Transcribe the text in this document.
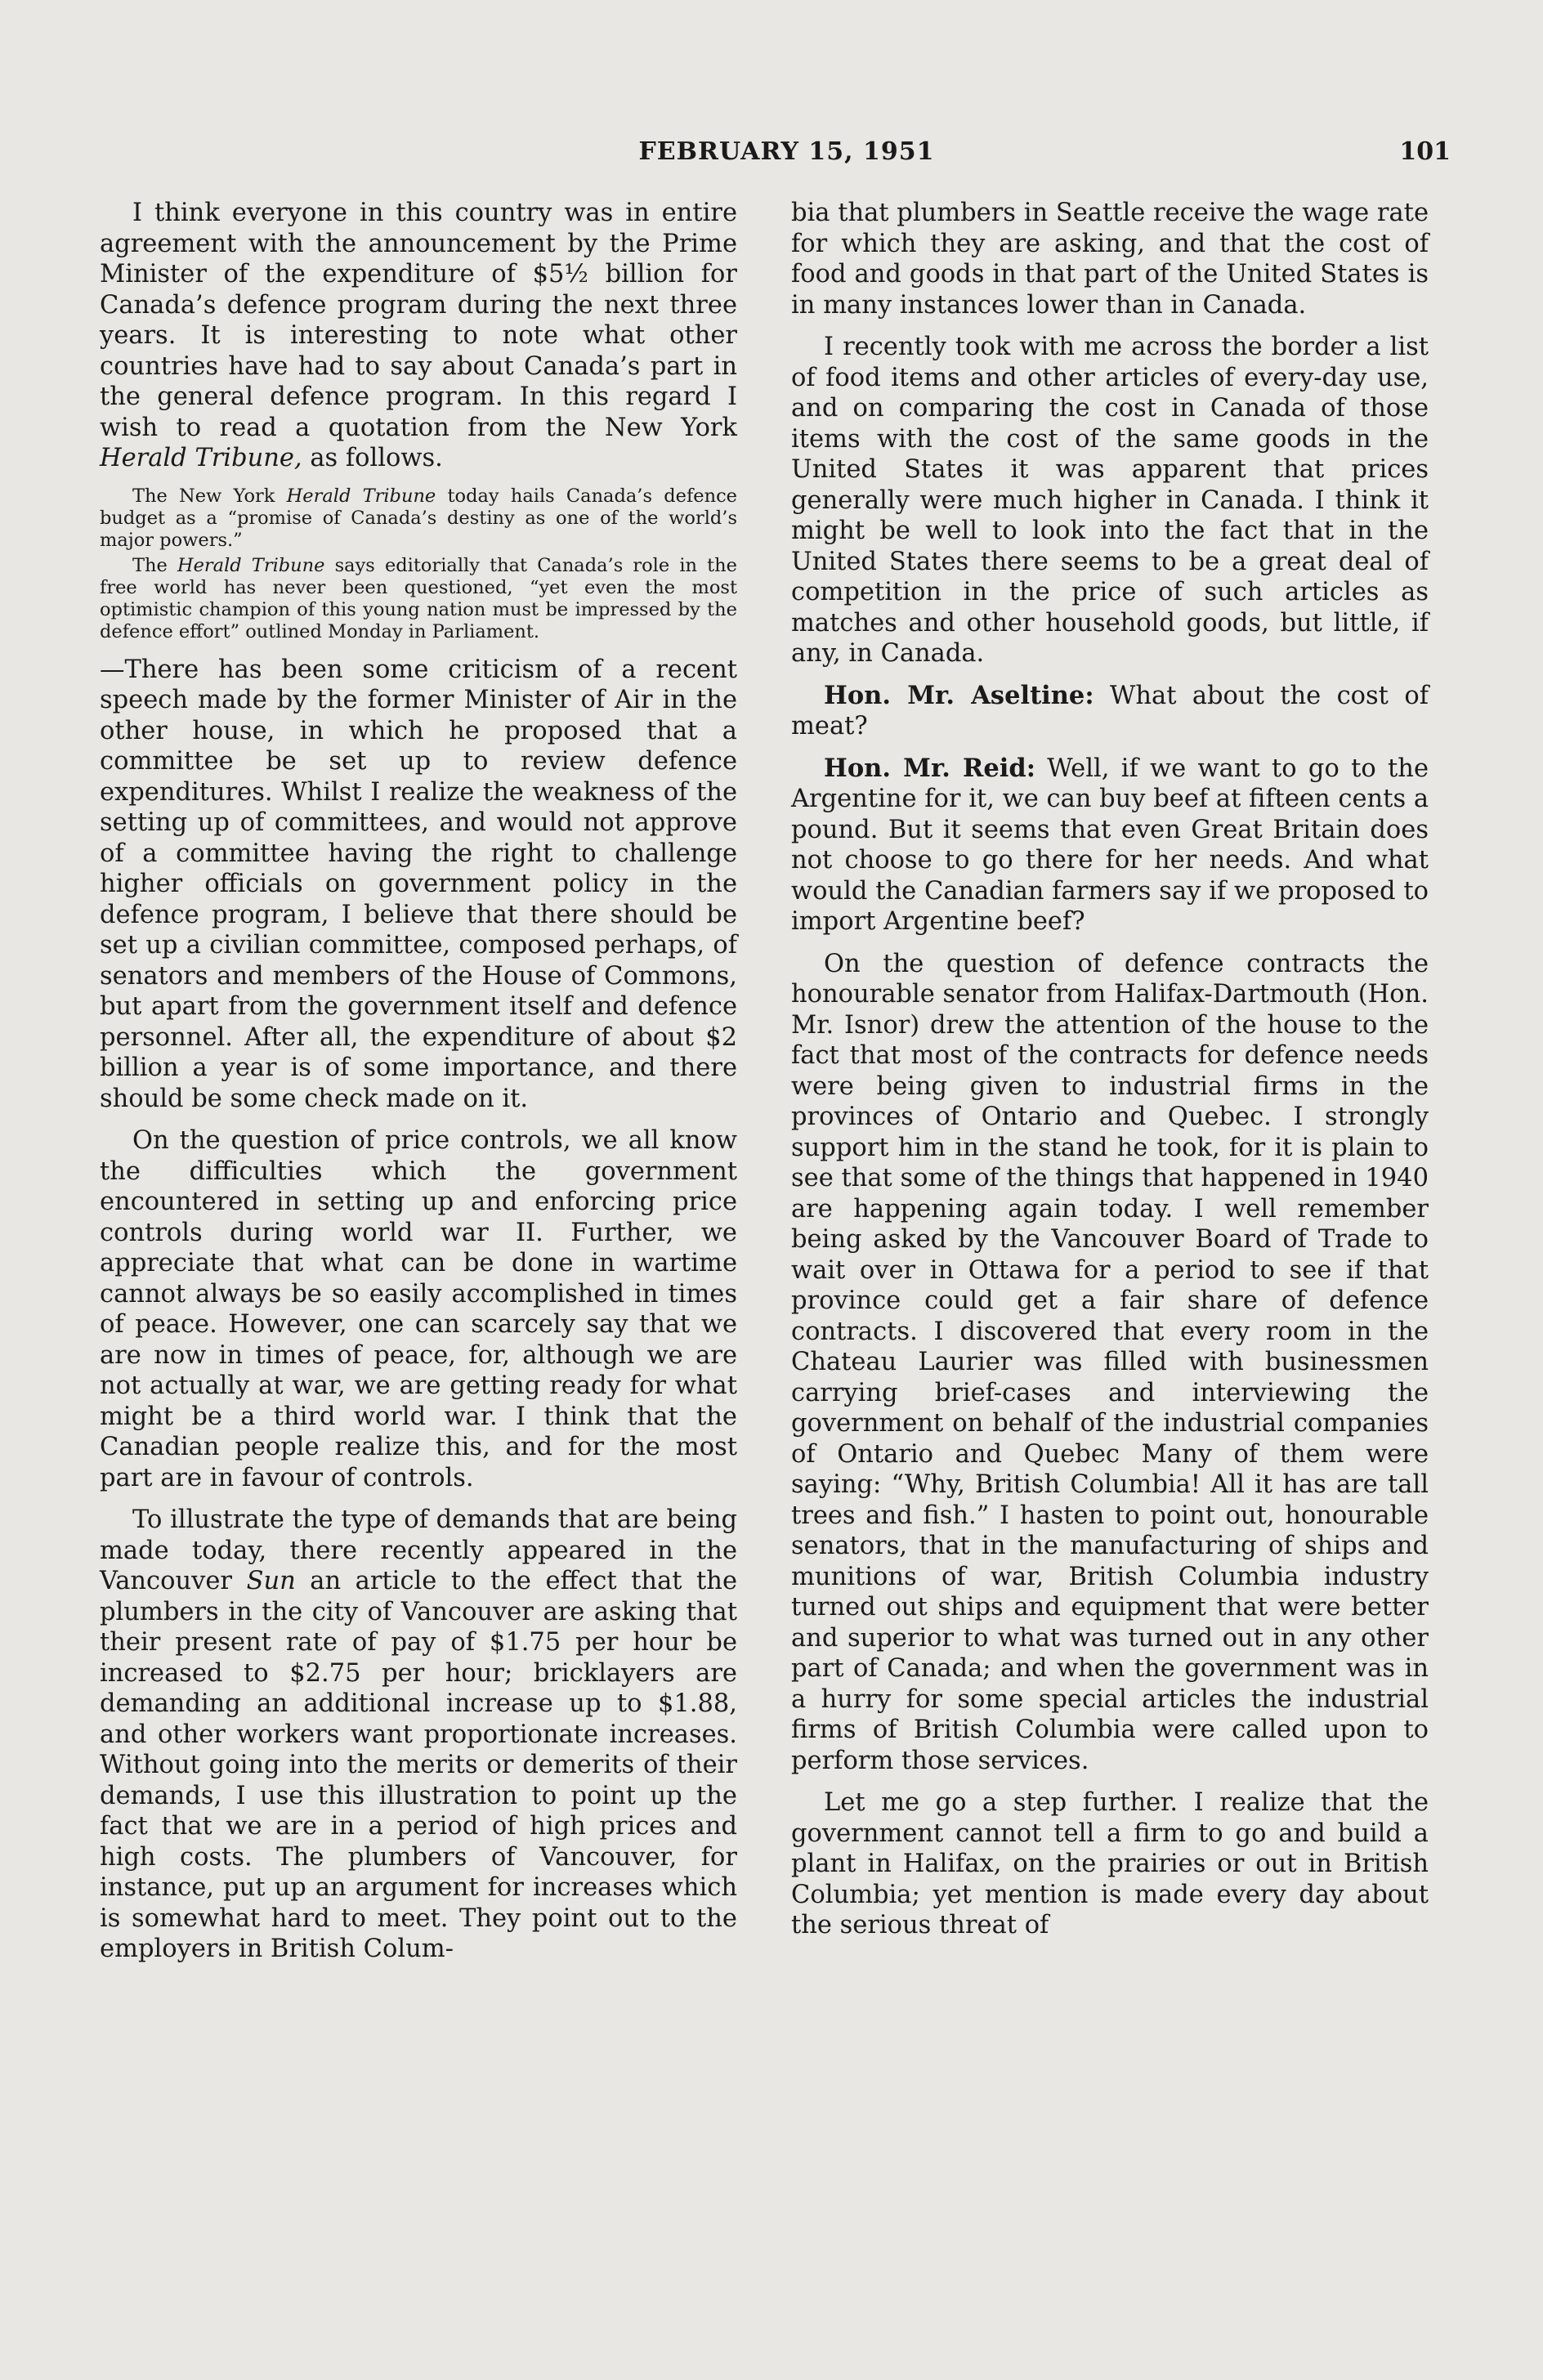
FEBRUARY 15, 1951	101

I think everyone in this country was in entire agreement with the announcement by the Prime Minister of the expenditure of $5½ billion for Canada’s defence program during the next three years. It is interesting to note what other countries have had to say about Canada’s part in the general defence program. In this regard I wish to read a quotation from the New York Herald Tribune, as follows.

The New York Herald Tribune today hails Canada’s defence budget as a “promise of Canada’s destiny as one of the world’s major powers.”

The Herald Tribune says editorially that Canada’s role in the free world has never been questioned, “yet even the most optimistic champion of this young nation must be impressed by the defence effort” outlined Monday in Parliament.

—There has been some criticism of a recent speech made by the former Minister of Air in the other house, in which he proposed that a committee be set up to review defence expenditures. Whilst I realize the weakness of the setting up of committees, and would not approve of a committee having the right to challenge higher officials on government policy in the defence program, I believe that there should be set up a civilian committee, composed perhaps, of senators and members of the House of Commons, but apart from the government itself and defence personnel. After all, the expenditure of about $2 billion a year is of some importance, and there should be some check made on it.

On the question of price controls, we all know the difficulties which the government encountered in setting up and enforcing price controls during world war II. Further, we appreciate that what can be done in wartime cannot always be so easily accomplished in times of peace. However, one can scarcely say that we are now in times of peace, for, although we are not actually at war, we are getting ready for what might be a third world war. I think that the Canadian people realize this, and for the most part are in favour of controls.

To illustrate the type of demands that are being made today, there recently appeared in the Vancouver Sun an article to the effect that the plumbers in the city of Vancouver are asking that their present rate of pay of $1.75 per hour be increased to $2.75 per hour; bricklayers are demanding an additional increase up to $1.88, and other workers want proportionate increases. Without going into the merits or demerits of their demands, I use this illustration to point up the fact that we are in a period of high prices and high costs. The plumbers of Vancouver, for instance, put up an argument for increases which is somewhat hard to meet. They point out to the employers in British Colum-

bia that plumbers in Seattle receive the wage rate for which they are asking, and that the cost of food and goods in that part of the United States is in many instances lower than in Canada.

I recently took with me across the border a list of food items and other articles of every-day use, and on comparing the cost in Canada of those items with the cost of the same goods in the United States it was apparent that prices generally were much higher in Canada. I think it might be well to look into the fact that in the United States there seems to be a great deal of competition in the price of such articles as matches and other household goods, but little, if any, in Canada.

Hon. Mr. Aseltine: What about the cost of meat?

Hon. Mr. Reid: Well, if we want to go to the Argentine for it, we can buy beef at fifteen cents a pound. But it seems that even Great Britain does not choose to go there for her needs. And what would the Canadian farmers say if we proposed to import Argentine beef?

On the question of defence contracts the honourable senator from Halifax-Dartmouth (Hon. Mr. Isnor) drew the attention of the house to the fact that most of the contracts for defence needs were being given to industrial firms in the provinces of Ontario and Quebec. I strongly support him in the stand he took, for it is plain to see that some of the things that happened in 1940 are happening again today. I well remember being asked by the Vancouver Board of Trade to wait over in Ottawa for a period to see if that province could get a fair share of defence contracts. I discovered that every room in the Chateau Laurier was filled with businessmen carrying brief-cases and interviewing the government on behalf of the industrial companies of Ontario and Quebec Many of them were saying: “Why, British Columbia! All it has are tall trees and fish.” I hasten to point out, honourable senators, that in the manufacturing of ships and munitions of war, British Columbia industry turned out ships and equipment that were better and superior to what was turned out in any other part of Canada; and when the government was in a hurry for some special articles the industrial firms of British Columbia were called upon to perform those services.

Let me go a step further. I realize that the government cannot tell a firm to go and build a plant in Halifax, on the prairies or out in British Columbia; yet mention is made every day about the serious threat of
